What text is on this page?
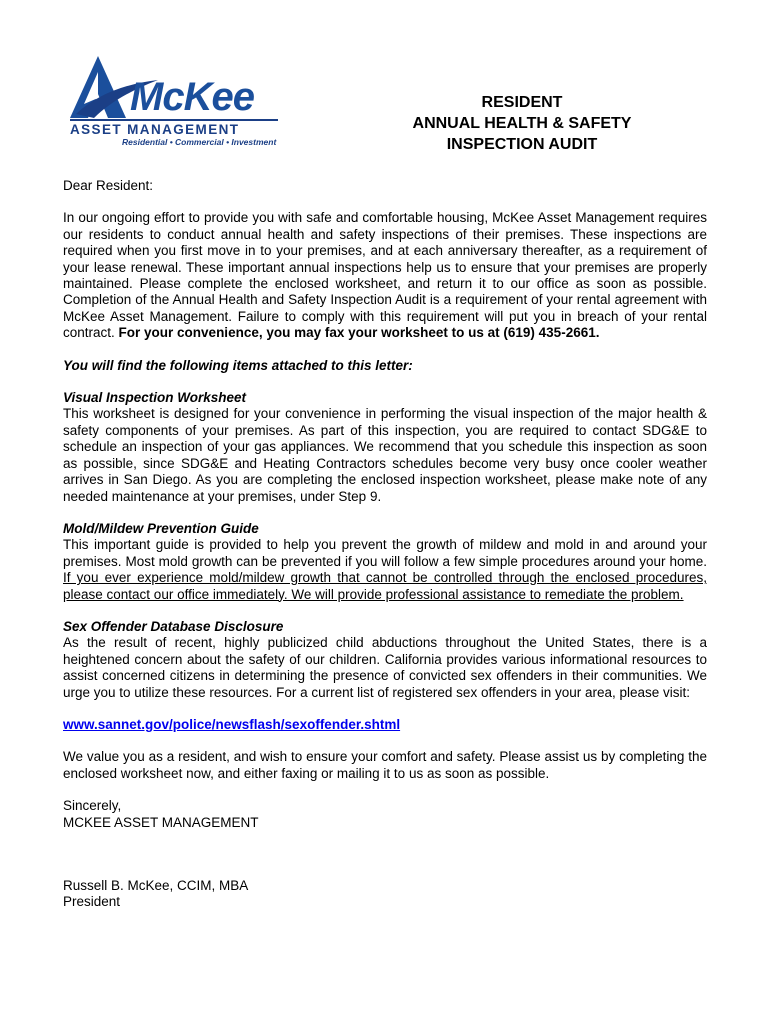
McKee
ASSET MANAGEMENT
Residential • Commercial • Investment
RESIDENT
ANNUAL HEALTH & SAFETY
INSPECTION AUDIT

Dear Resident:

In our ongoing effort to provide you with safe and comfortable housing, McKee Asset Management requires our residents to conduct annual health and safety inspections of their premises. These inspections are required when you first move in to your premises, and at each anniversary thereafter, as a requirement of your lease renewal. These important annual inspections help us to ensure that your premises are properly maintained. Please complete the enclosed worksheet, and return it to our office as soon as possible. Completion of the Annual Health and Safety Inspection Audit is a requirement of your rental agreement with McKee Asset Management. Failure to comply with this requirement will put you in breach of your rental contract. For your convenience, you may fax your worksheet to us at (619) 435-2661.

You will find the following items attached to this letter:

Visual Inspection Worksheet

This worksheet is designed for your convenience in performing the visual inspection of the major health & safety components of your premises. As part of this inspection, you are required to contact SDG&E to schedule an inspection of your gas appliances. We recommend that you schedule this inspection as soon as possible, since SDG&E and Heating Contractors schedules become very busy once cooler weather arrives in San Diego. As you are completing the enclosed inspection worksheet, please make note of any needed maintenance at your premises, under Step 9.

Mold/Mildew Prevention Guide

This important guide is provided to help you prevent the growth of mildew and mold in and around your premises. Most mold growth can be prevented if you will follow a few simple procedures around your home. If you ever experience mold/mildew growth that cannot be controlled through the enclosed procedures, please contact our office immediately. We will provide professional assistance to remediate the problem.

Sex Offender Database Disclosure

As the result of recent, highly publicized child abductions throughout the United States, there is a heightened concern about the safety of our children. California provides various informational resources to assist concerned citizens in determining the presence of convicted sex offenders in their communities. We urge you to utilize these resources. For a current list of registered sex offenders in your area, please visit:

www.sannet.gov/police/newsflash/sexoffender.shtml

We value you as a resident, and wish to ensure your comfort and safety. Please assist us by completing the enclosed worksheet now, and either faxing or mailing it to us as soon as possible.

Sincerely,

MCKEE ASSET MANAGEMENT

Russell B. McKee, CCIM, MBA

President
